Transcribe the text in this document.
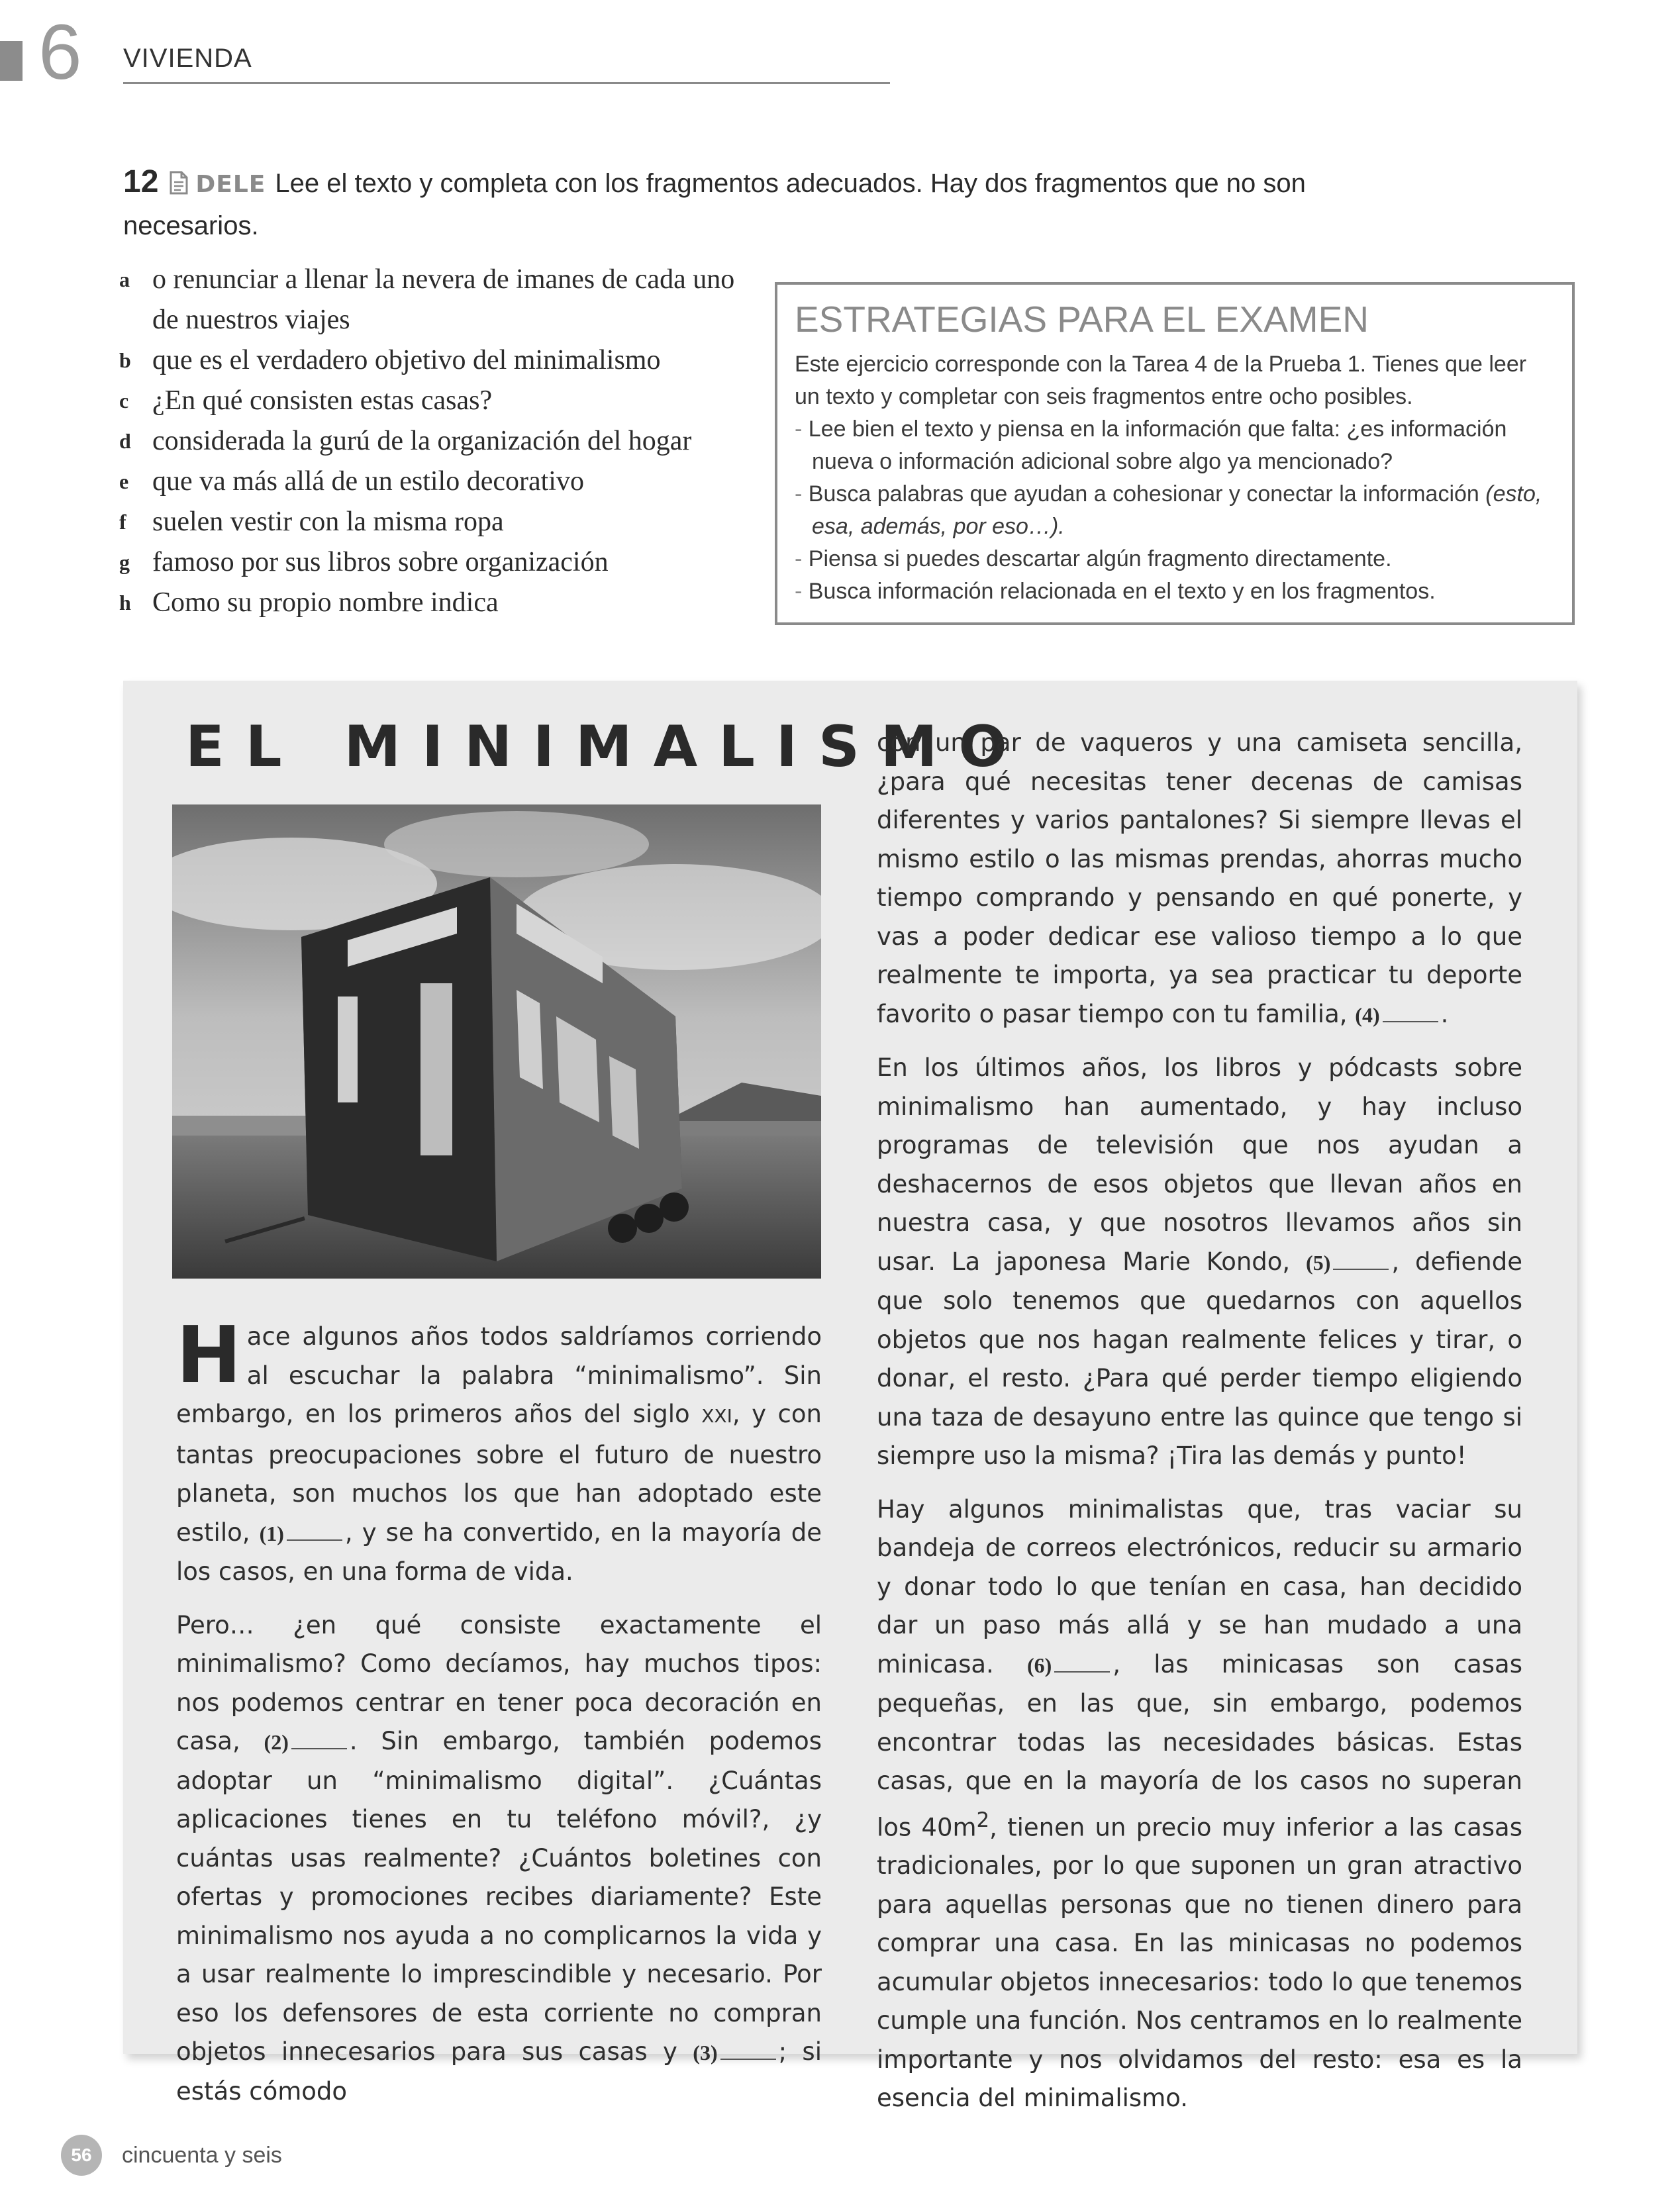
6 VIVIENDA
12 DELE Lee el texto y completa con los fragmentos adecuados. Hay dos fragmentos que no son necesarios.
a o renunciar a llenar la nevera de imanes de cada uno de nuestros viajes
b que es el verdadero objetivo del minimalismo
c ¿En qué consisten estas casas?
d considerada la gurú de la organización del hogar
e que va más allá de un estilo decorativo
f suelen vestir con la misma ropa
g famoso por sus libros sobre organización
h Como su propio nombre indica
ESTRATEGIAS PARA EL EXAMEN
Este ejercicio corresponde con la Tarea 4 de la Prueba 1. Tienes que leer un texto y completar con seis fragmentos entre ocho posibles.
- Lee bien el texto y piensa en la información que falta: ¿es información nueva o información adicional sobre algo ya mencionado?
- Busca palabras que ayudan a cohesionar y conectar la información (esto, esa, además, por eso…).
- Piensa si puedes descartar algún fragmento directamente.
- Busca información relacionada en el texto y en los fragmentos.
EL MINIMALISMO

Hace algunos años todos saldríamos corriendo al escuchar la palabra “minimalismo”. Sin embargo, en los primeros años del siglo XXI, y con tantas preocupaciones sobre el futuro de nuestro planeta, son muchos los que han adoptado este estilo, (1) , y se ha convertido, en la mayoría de los casos, en una forma de vida.

Pero… ¿en qué consiste exactamente el minimalismo? Como decíamos, hay muchos tipos: nos podemos centrar en tener poca decoración en casa, (2) . Sin embargo, también podemos adoptar un “minimalismo digital”. ¿Cuántas aplicaciones tienes en tu teléfono móvil?, ¿y cuántas usas realmente? ¿Cuántos boletines con ofertas y promociones recibes diariamente? Este minimalismo nos ayuda a no complicarnos la vida y a usar realmente lo imprescindible y necesario. Por eso los defensores de esta corriente no compran objetos innecesarios para sus casas y (3) ; si estás cómodo

con un par de vaqueros y una camiseta sencilla, ¿para qué necesitas tener decenas de camisas diferentes y varios pantalones? Si siempre llevas el mismo estilo o las mismas prendas, ahorras mucho tiempo comprando y pensando en qué ponerte, y vas a poder dedicar ese valioso tiempo a lo que realmente te importa, ya sea practicar tu deporte favorito o pasar tiempo con tu familia, (4) .

En los últimos años, los libros y pódcasts sobre minimalismo han aumentado, y hay incluso programas de televisión que nos ayudan a deshacernos de esos objetos que llevan años en nuestra casa, y que nosotros llevamos años sin usar. La japonesa Marie Kondo, (5) , defiende que solo tenemos que quedarnos con aquellos objetos que nos hagan realmente felices y tirar, o donar, el resto. ¿Para qué perder tiempo eligiendo una taza de desayuno entre las quince que tengo si siempre uso la misma? ¡Tira las demás y punto!

Hay algunos minimalistas que, tras vaciar su bandeja de correos electrónicos, reducir su armario y donar todo lo que tenían en casa, han decidido dar un paso más allá y se han mudado a una minicasa. (6) , las minicasas son casas pequeñas, en las que, sin embargo, podemos encontrar todas las necesidades básicas. Estas casas, que en la mayoría de los casos no superan los $40m^2$, tienen un precio muy inferior a las casas tradicionales, por lo que suponen un gran atractivo para aquellas personas que no tienen dinero para comprar una casa. En las minicasas no podemos acumular objetos innecesarios: todo lo que tenemos cumple una función. Nos centramos en lo realmente importante y nos olvidamos del resto: esa es la esencia del minimalismo.

56	cincuenta y seis
